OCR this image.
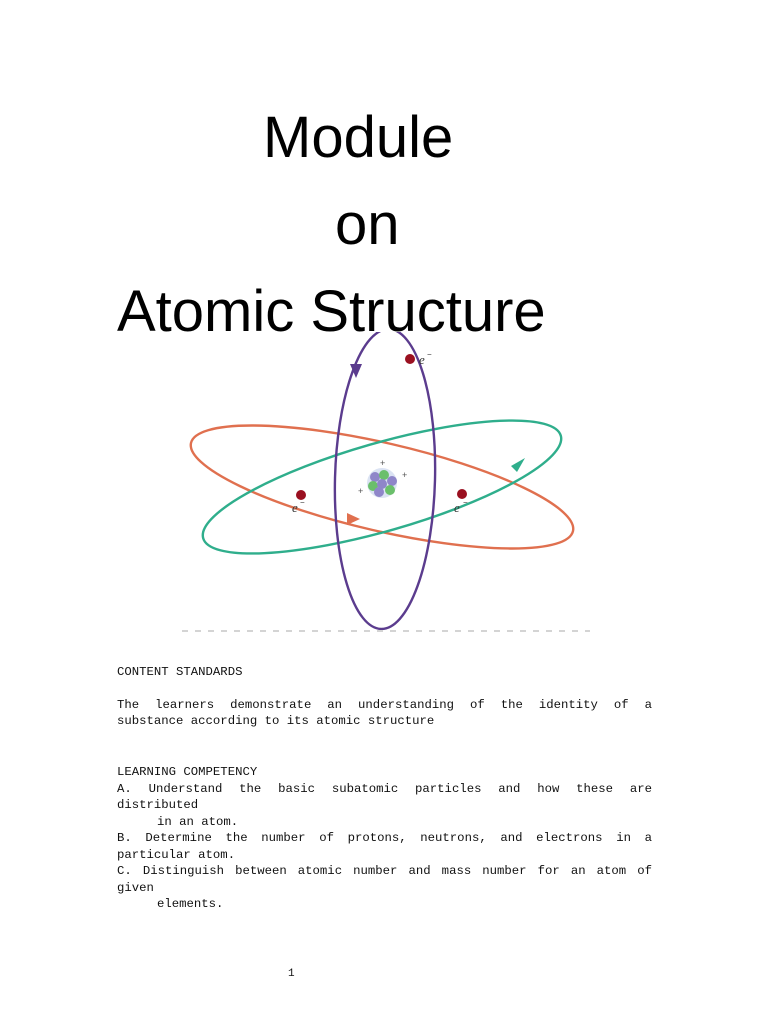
Module
on
Atomic Structure
+
+
+
e −
e −	e −
CONTENT STANDARDS
The learners demonstrate an understanding of the identity of a
substance according to its atomic structure
LEARNING COMPETENCY
A. Understand the basic subatomic particles and how these are
distributed
in an atom.
B. Determine the number of protons, neutrons, and electrons in a
particular atom.
C. Distinguish between atomic number and mass number for an atom of
given
elements.
1
